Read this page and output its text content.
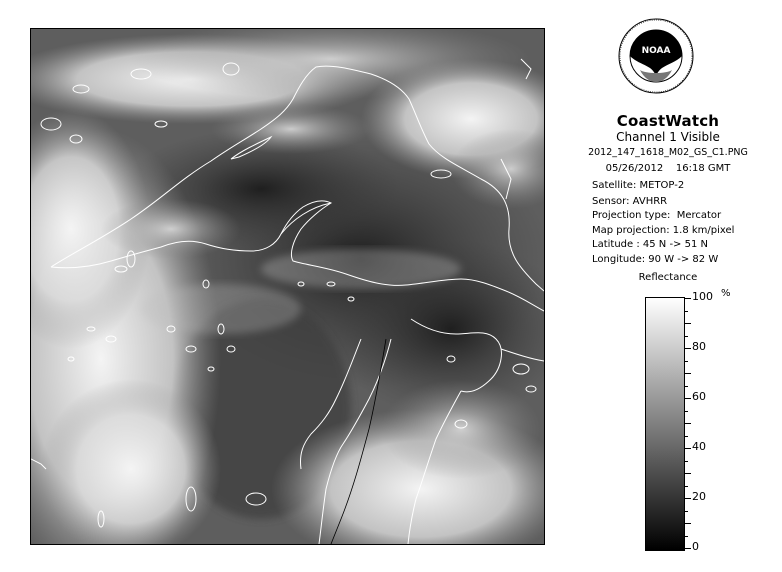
NOAA
CoastWatch
Channel 1 Visible
2012_147_1618_M02_GS_C1.PNG
05/26/2012    16:18 GMT
Satellite: METOP-2
Sensor: AVHRR
Projection type:  Mercator
Map projection: 1.8 km/pixel
Latitude : 45 N -> 51 N
Longitude: 90 W -> 82 W
Reflectance
%
100
80
60
40
20
0
